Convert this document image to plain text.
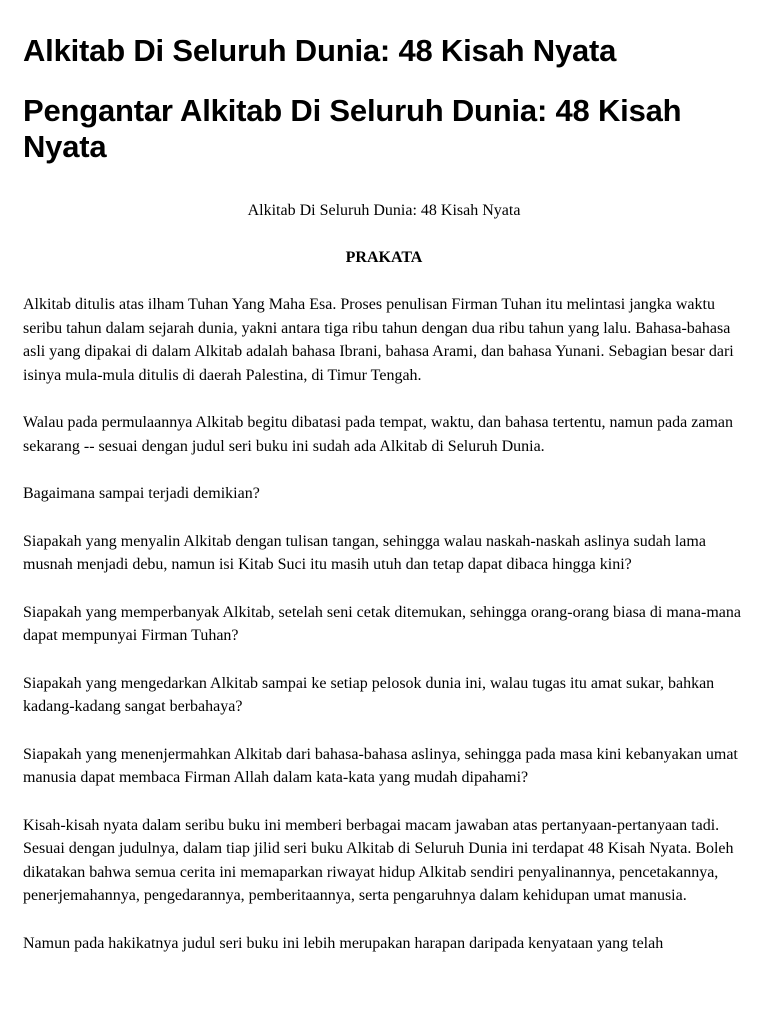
Alkitab Di Seluruh Dunia: 48 Kisah Nyata
Pengantar Alkitab Di Seluruh Dunia: 48 Kisah Nyata
Alkitab Di Seluruh Dunia: 48 Kisah Nyata
PRAKATA

Alkitab ditulis atas ilham Tuhan Yang Maha Esa. Proses penulisan Firman Tuhan itu melintasi jangka waktu seribu tahun dalam sejarah dunia, yakni antara tiga ribu tahun dengan dua ribu tahun yang lalu. Bahasa-bahasa asli yang dipakai di dalam Alkitab adalah bahasa Ibrani, bahasa Arami, dan bahasa Yunani. Sebagian besar dari isinya mula-mula ditulis di daerah Palestina, di Timur Tengah.

Walau pada permulaannya Alkitab begitu dibatasi pada tempat, waktu, dan bahasa tertentu, namun pada zaman sekarang -- sesuai dengan judul seri buku ini sudah ada Alkitab di Seluruh Dunia.

Bagaimana sampai terjadi demikian?

Siapakah yang menyalin Alkitab dengan tulisan tangan, sehingga walau naskah-naskah aslinya sudah lama musnah menjadi debu, namun isi Kitab Suci itu masih utuh dan tetap dapat dibaca hingga kini?

Siapakah yang memperbanyak Alkitab, setelah seni cetak ditemukan, sehingga orang-orang biasa di mana-mana dapat mempunyai Firman Tuhan?

Siapakah yang mengedarkan Alkitab sampai ke setiap pelosok dunia ini, walau tugas itu amat sukar, bahkan kadang-kadang sangat berbahaya?

Siapakah yang menenjermahkan Alkitab dari bahasa-bahasa aslinya, sehingga pada masa kini kebanyakan umat manusia dapat membaca Firman Allah dalam kata-kata yang mudah dipahami?

Kisah-kisah nyata dalam seribu buku ini memberi berbagai macam jawaban atas pertanyaan-pertanyaan tadi. Sesuai dengan judulnya, dalam tiap jilid seri buku Alkitab di Seluruh Dunia ini terdapat 48 Kisah Nyata. Boleh dikatakan bahwa semua cerita ini memaparkan riwayat hidup Alkitab sendiri penyalinannya, pencetakannya, penerjemahannya, pengedarannya, pemberitaannya, serta pengaruhnya dalam kehidupan umat manusia.

Namun pada hakikatnya judul seri buku ini lebih merupakan harapan daripada kenyataan yang telah
